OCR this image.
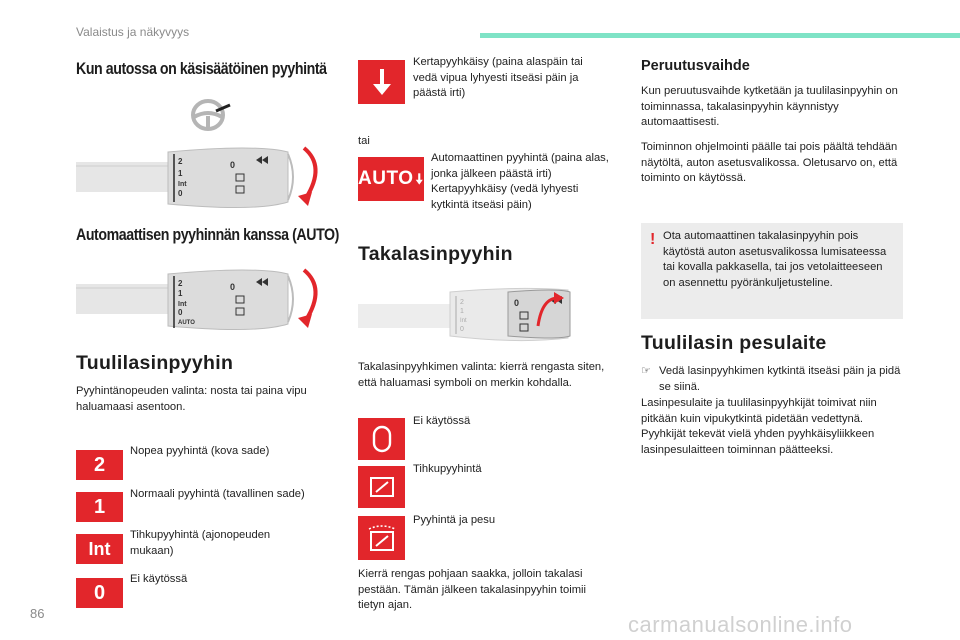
Valaistus ja näkyvyys
Kun autossa on käsisäätöinen pyyhintä
2
1
Int
0
0
Automaattisen pyyhinnän kanssa (AUTO)
2
1
Int
0
AUTO
0
Tuulilasinpyyhin
Pyyhintänopeuden valinta: nosta tai paina vipu haluamaasi asentoon.
2
Nopea pyyhintä (kova sade)
1
Normaali pyyhintä (tavallinen sade)
Int
Tihkupyyhintä (ajonopeuden mukaan)
0
Ei käytössä
Kertapyyhkäisy (paina alaspäin tai vedä vipua lyhyesti itseäsi päin ja päästä irti)
tai
AUTO
Automaattinen pyyhintä (paina alas, jonka jälkeen päästä irti) Kertapyyhkäisy (vedä lyhyesti kytkintä itseäsi päin)
Takalasinpyyhin
2
1
Int
0
0
Takalasinpyyhkimen valinta: kierrä rengasta siten, että haluamasi symboli on merkin kohdalla.
Ei käytössä
Tihkupyyhintä
Pyyhintä ja pesu
Kierrä rengas pohjaan saakka, jolloin takalasi pestään. Tämän jälkeen takalasinpyyhin toimii tietyn ajan.
Peruutusvaihde
Kun peruutusvaihde kytketään ja tuulilasinpyyhin on toiminnassa, takalasinpyyhin käynnistyy automaattisesti.
Toiminnon ohjelmointi päälle tai pois päältä tehdään näytöltä, auton asetusvalikossa. Oletusarvo on, että toiminto on käytössä.
! Ota automaattinen takalasinpyyhin pois käytöstä auton asetusvalikossa lumisateessa tai kovalla pakkasella, tai jos vetolaitteeseen on asennettu pyöränkuljetusteline.
Tuulilasin pesulaite
☞ Vedä lasinpyyhkimen kytkintä itseäsi päin ja pidä se siinä.
Lasinpesulaite ja tuulilasinpyyhkijät toimivat niin pitkään kuin vipukytkintä pidetään vedettynä. Pyyhkijät tekevät vielä yhden pyyhkäisyliikkeen lasinpesulaitteen toiminnan päätteeksi.
86	carmanualsonline.info
